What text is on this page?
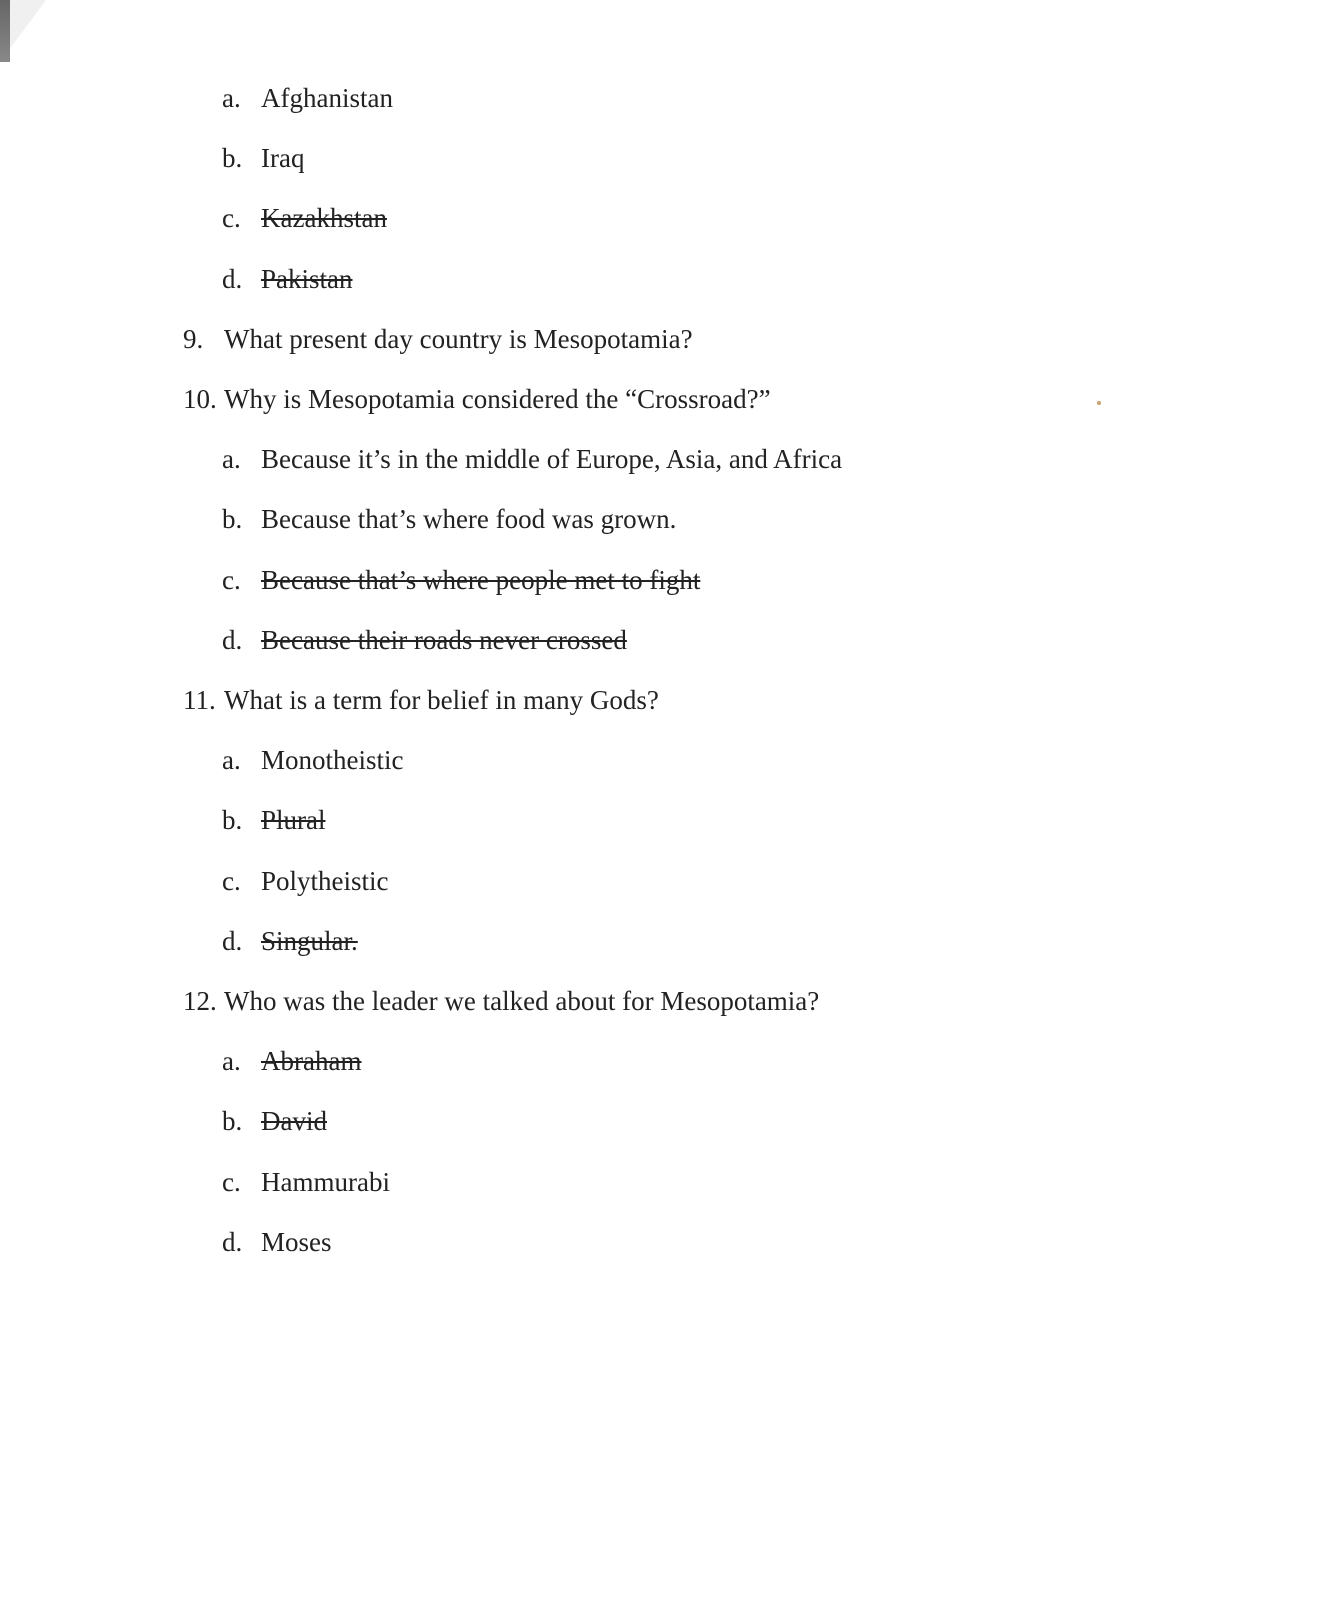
a. Afghanistan
b. Iraq
c. Kazakhstan
d. Pakistan
9. What present day country is Mesopotamia?
10. Why is Mesopotamia considered the “Crossroad?”
a. Because it’s in the middle of Europe, Asia, and Africa
b. Because that’s where food was grown.
c. Because that’s where people met to fight
d. Because their roads never crossed
11. What is a term for belief in many Gods?
a. Monotheistic
b. Plural
c. Polytheistic
d. Singular.
12. Who was the leader we talked about for Mesopotamia?
a. Abraham
b. David
c. Hammurabi
d. Moses
